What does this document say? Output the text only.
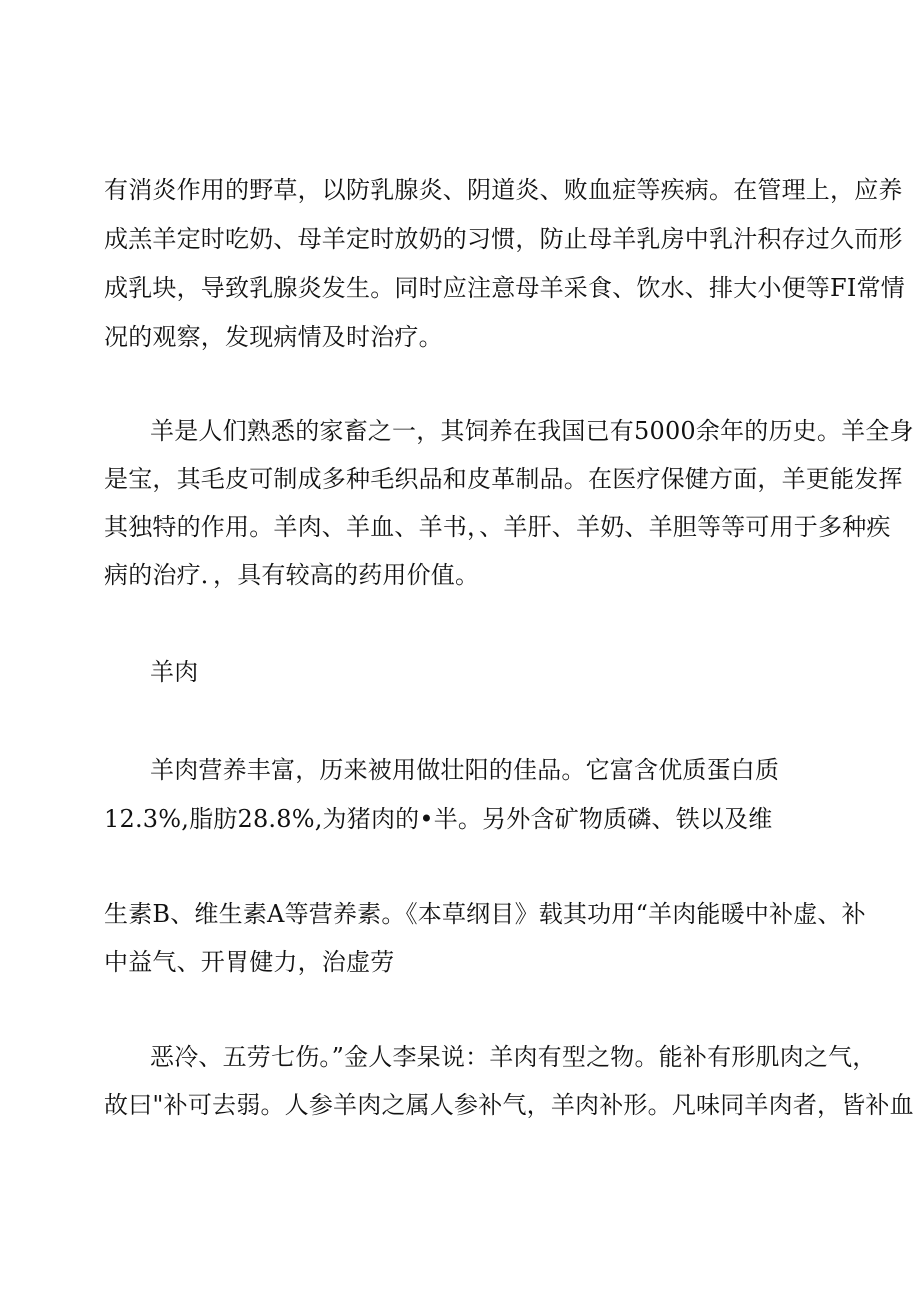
有消炎作用的野草，以防乳腺炎、阴道炎、败血症等疾病。在管理上，应养
成羔羊定时吃奶、母羊定时放奶的习惯，防止母羊乳房中乳汁积存过久而形
成乳块，导致乳腺炎发生。同时应注意母羊采食、饮水、排大小便等FI常情
况的观察，发现病情及时治疗。
羊是人们熟悉的家畜之一，其饲养在我国已有5000余年的历史。羊全身
是宝，其毛皮可制成多种毛织品和皮革制品。在医疗保健方面，羊更能发挥
其独特的作用。羊肉、羊血、羊书，、羊肝、羊奶、羊胆等等可用于多种疾
病的治疗．，具有较高的药用价值。
羊肉
羊肉营养丰富，历来被用做壮阳的佳品。它富含优质蛋白质
12.3%,脂肪28.8%,为猪肉的•半。另外含矿物质磷、铁以及维
生素B、维生素A等营养素。《本草纲目》载其功用“羊肉能暖中补虚、补
中益气、开胃健力，治虚劳
恶冷、五劳七伤。”金人李杲说：羊肉有型之物。能补有形肌肉之气，
故曰"补可去弱。人参羊肉之属人参补气，羊肉补形。凡味同羊肉者，皆补血
